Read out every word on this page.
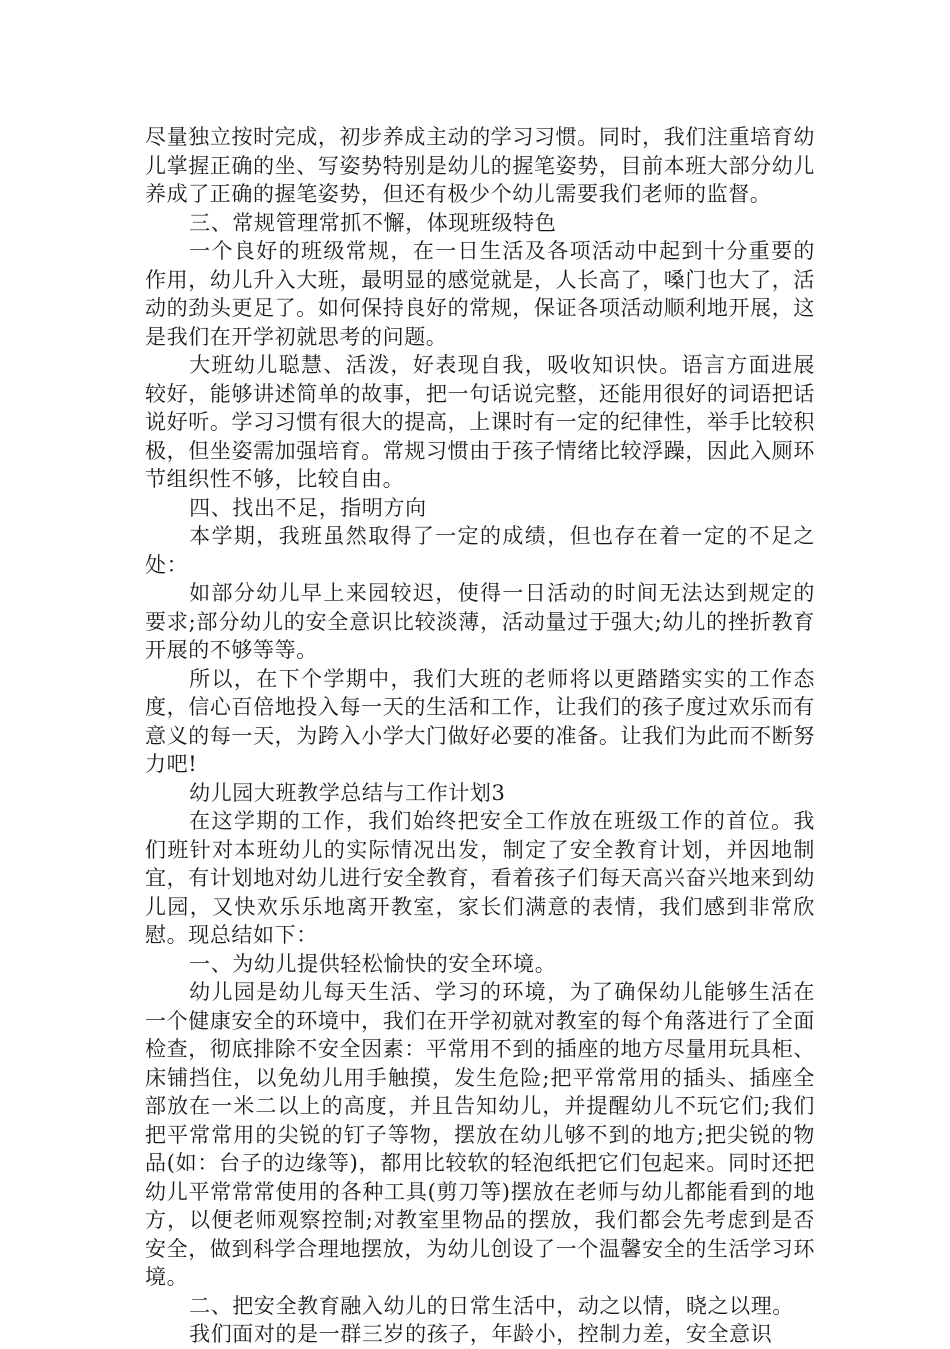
尽量独立按时完成，初步养成主动的学习习惯。同时，我们注重培育幼儿掌握正确的坐、写姿势特别是幼儿的握笔姿势，目前本班大部分幼儿养成了正确的握笔姿势，但还有极少个幼儿需要我们老师的监督。

三、常规管理常抓不懈，体现班级特色

一个良好的班级常规，在一日生活及各项活动中起到十分重要的作用，幼儿升入大班，最明显的感觉就是，人长高了，嗓门也大了，活动的劲头更足了。如何保持良好的常规，保证各项活动顺利地开展，这是我们在开学初就思考的问题。

大班幼儿聪慧、活泼，好表现自我，吸收知识快。语言方面进展较好，能够讲述简单的故事，把一句话说完整，还能用很好的词语把话说好听。学习习惯有很大的提高，上课时有一定的纪律性，举手比较积极，但坐姿需加强培育。常规习惯由于孩子情绪比较浮躁，因此入厕环节组织性不够，比较自由。

四、找出不足，指明方向

本学期，我班虽然取得了一定的成绩，但也存在着一定的不足之处：

如部分幼儿早上来园较迟，使得一日活动的时间无法达到规定的要求;部分幼儿的安全意识比较淡薄，活动量过于强大;幼儿的挫折教育开展的不够等等。

所以，在下个学期中，我们大班的老师将以更踏踏实实的工作态度，信心百倍地投入每一天的生活和工作，让我们的孩子度过欢乐而有意义的每一天，为跨入小学大门做好必要的准备。让我们为此而不断努力吧!

幼儿园大班教学总结与工作计划3

在这学期的工作，我们始终把安全工作放在班级工作的首位。我们班针对本班幼儿的实际情况出发，制定了安全教育计划，并因地制宜，有计划地对幼儿进行安全教育，看着孩子们每天高兴奋兴地来到幼儿园，又快欢乐乐地离开教室，家长们满意的表情，我们感到非常欣慰。现总结如下：

一、为幼儿提供轻松愉快的安全环境。

幼儿园是幼儿每天生活、学习的环境，为了确保幼儿能够生活在一个健康安全的环境中，我们在开学初就对教室的每个角落进行了全面检查，彻底排除不安全因素：平常用不到的插座的地方尽量用玩具柜、床铺挡住，以免幼儿用手触摸，发生危险;把平常常用的插头、插座全部放在一米二以上的高度，并且告知幼儿，并提醒幼儿不玩它们;我们把平常常用的尖锐的钉子等物，摆放在幼儿够不到的地方;把尖锐的物品(如：台子的边缘等)，都用比较软的轻泡纸把它们包起来。同时还把幼儿平常常常使用的各种工具(剪刀等)摆放在老师与幼儿都能看到的地方，以便老师观察控制;对教室里物品的摆放，我们都会先考虑到是否安全，做到科学合理地摆放，为幼儿创设了一个温馨安全的生活学习环境。

二、把安全教育融入幼儿的日常生活中，动之以情，晓之以理。

我们面对的是一群三岁的孩子，年龄小，控制力差，安全意识
